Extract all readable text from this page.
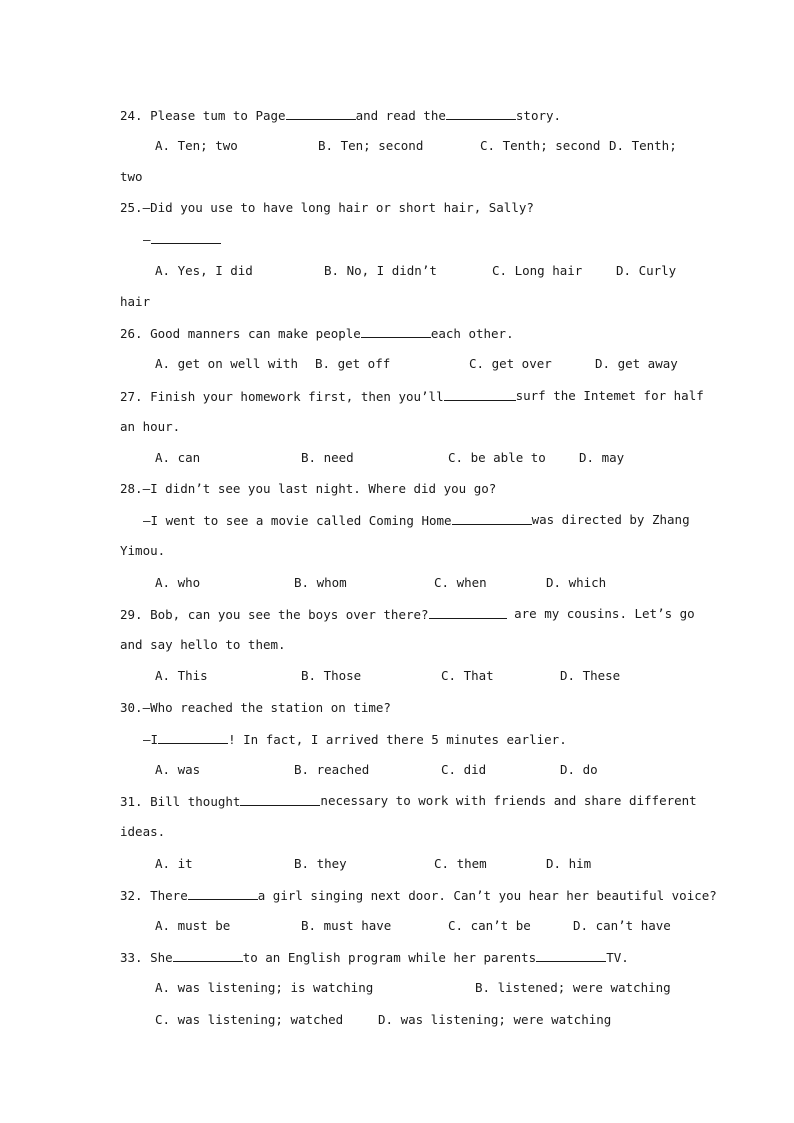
24. Please tum to Page	and read the	story.

A. Ten; two

	B. Ten; second

	C. Tenth; second

D. Tenth;

two
25.—Did you use to have long hair or short hair, Sally?
—

A. Yes, I did

	B. No, I didn’t

	C. Long hair

	D. Curly

hair
26. Good manners can make people	each other.

A. get on well with

B. get off

	C. get over

	D. get away

27. Finish your homework first, then you’ll	surf the Intemet for half
an hour.

A. can

	B. need

	C. be able to

	D. may

28.—I didn’t see you last night. Where did you go?
—I went to see a movie called Coming Home	was directed by Zhang
Yimou.

A. who

	B. whom

	C. when

	D. which

29. Bob, can you see the boys over there?	are my cousins. Let’s go
and say hello to them.

A. This

	B. Those

	C. That

	D. These

30.—Who reached the station on time?
—I	! In fact, I arrived there 5 minutes earlier.

A. was

	B. reached

	C. did

	D. do

31. Bill thought	necessary to work with friends and share different
ideas.

A. it

	B. they

	C. them

	D. him

32. There	a girl singing next door. Can’t you hear her beautiful voice?

A. must be

	B. must have

	C. can’t be

	D. can’t have

33. She	to an English program while her parents	TV.

A. was listening; is watching

	B. listened; were watching

C. was listening; watched

	D. was listening; were watching
